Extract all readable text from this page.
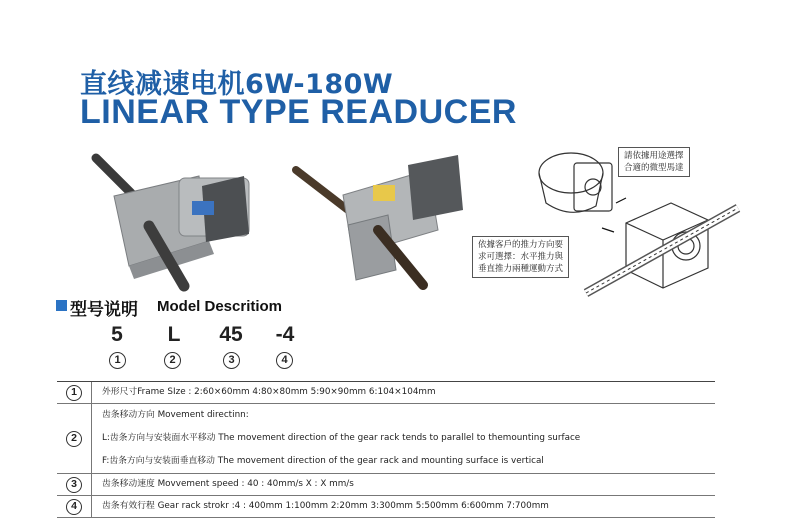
直线减速电机6W-180W
LINEAR TYPE READUCER
請依據用途選擇
合適的微型馬達
依據客戶的推力方向要
求可選擇：水平推力與
垂直推力兩種運動方式
型号说明 Model Descritiom
5	L	45	-4
1	2	3	4
1	外形尺寸Frame SIze : 2:60×60mm 4:80×80mm 5:90×90mm 6:104×104mm
2
齿条移动方向 Movement directinn:
L:齿条方向与安装面水平移动 The movement direction of the gear rack tends to parallel to themounting surface
F:齿条方向与安装面垂直移动 The movement direction of the gear rack and mounting surface is vertical
3	齿条移动速度 Movvement speed : 40 : 40mm/s X : X mm/s
4	齿条有效行程 Gear rack strokr :4 : 400mm 1:100mm 2:20mm 3:300mm 5:500mm 6:600mm 7:700mm
